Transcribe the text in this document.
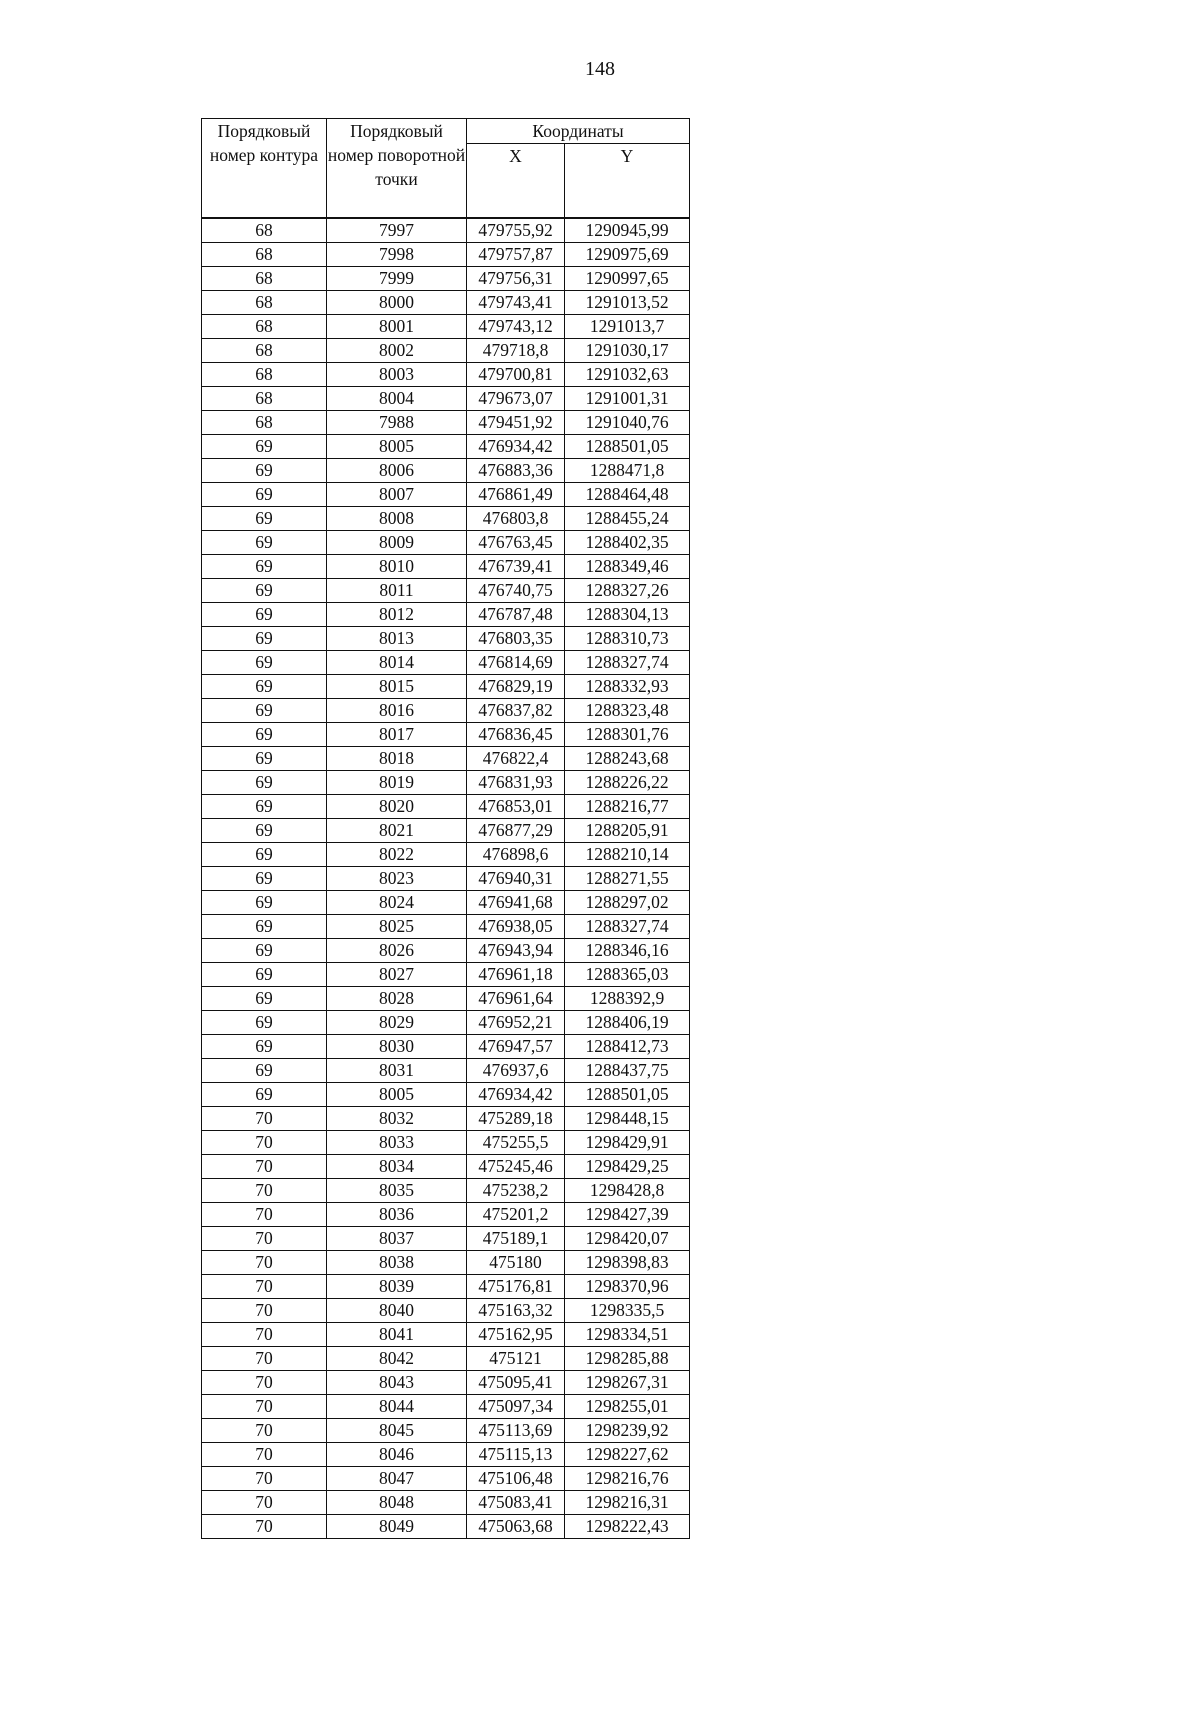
148
Порядковый номер контура	Порядковый номер поворотной точки	Координаты	
		X	Y
68	7997	479755,92	1290945,99
68	7998	479757,87	1290975,69
68	7999	479756,31	1290997,65
68	8000	479743,41	1291013,52
68	8001	479743,12	1291013,7
68	8002	479718,8	1291030,17
68	8003	479700,81	1291032,63
68	8004	479673,07	1291001,31
68	7988	479451,92	1291040,76
69	8005	476934,42	1288501,05
69	8006	476883,36	1288471,8
69	8007	476861,49	1288464,48
69	8008	476803,8	1288455,24
69	8009	476763,45	1288402,35
69	8010	476739,41	1288349,46
69	8011	476740,75	1288327,26
69	8012	476787,48	1288304,13
69	8013	476803,35	1288310,73
69	8014	476814,69	1288327,74
69	8015	476829,19	1288332,93
69	8016	476837,82	1288323,48
69	8017	476836,45	1288301,76
69	8018	476822,4	1288243,68
69	8019	476831,93	1288226,22
69	8020	476853,01	1288216,77
69	8021	476877,29	1288205,91
69	8022	476898,6	1288210,14
69	8023	476940,31	1288271,55
69	8024	476941,68	1288297,02
69	8025	476938,05	1288327,74
69	8026	476943,94	1288346,16
69	8027	476961,18	1288365,03
69	8028	476961,64	1288392,9
69	8029	476952,21	1288406,19
69	8030	476947,57	1288412,73
69	8031	476937,6	1288437,75
69	8005	476934,42	1288501,05
70	8032	475289,18	1298448,15
70	8033	475255,5	1298429,91
70	8034	475245,46	1298429,25
70	8035	475238,2	1298428,8
70	8036	475201,2	1298427,39
70	8037	475189,1	1298420,07
70	8038	475180	1298398,83
70	8039	475176,81	1298370,96
70	8040	475163,32	1298335,5
70	8041	475162,95	1298334,51
70	8042	475121	1298285,88
70	8043	475095,41	1298267,31
70	8044	475097,34	1298255,01
70	8045	475113,69	1298239,92
70	8046	475115,13	1298227,62
70	8047	475106,48	1298216,76
70	8048	475083,41	1298216,31
70	8049	475063,68	1298222,43
